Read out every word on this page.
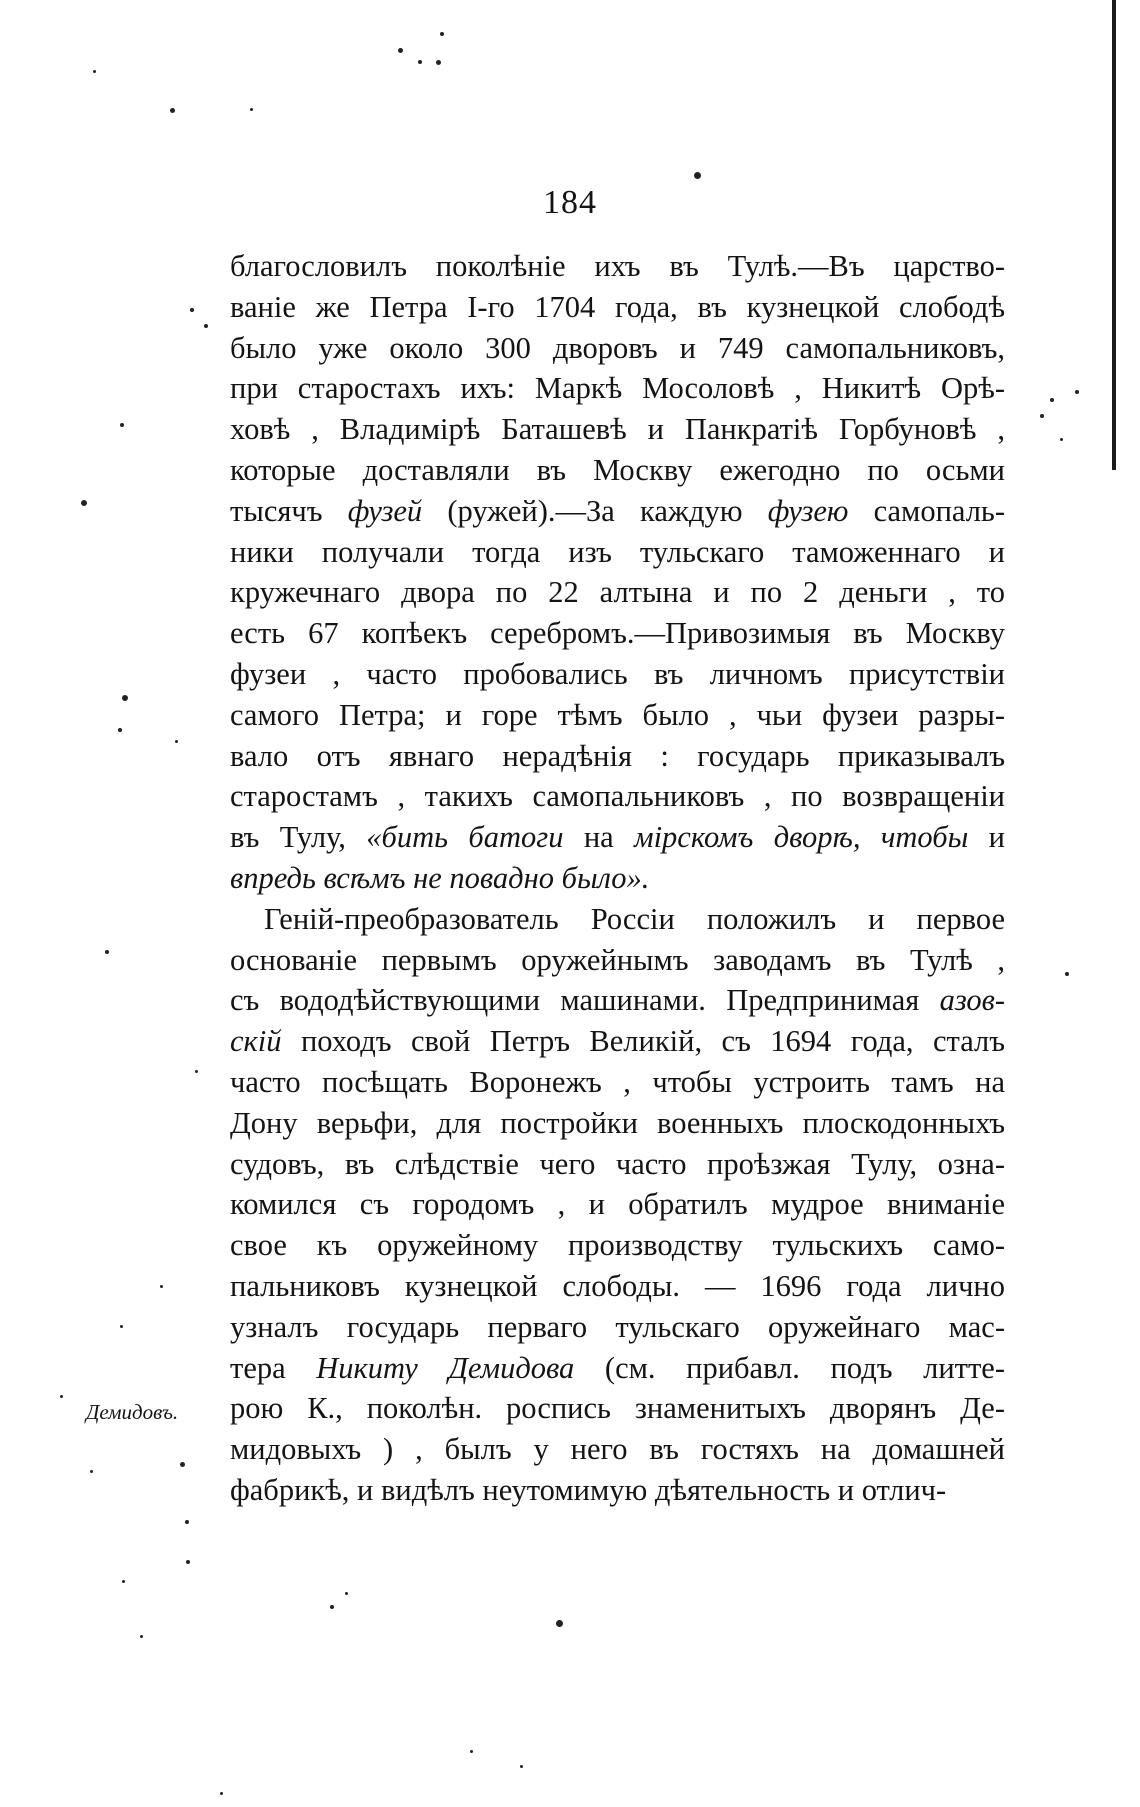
184
благословилъ поколѣніе ихъ въ Тулѣ.—Въ царство-
ваніе же Петра I-го 1704 года, въ кузнецкой слободѣ
было уже около 300 дворовъ и 749 самопальниковъ,
при старостахъ ихъ: Маркѣ Мосоловѣ , Никитѣ Орѣ-
ховѣ , Владимірѣ Баташевѣ и Панкратіѣ Горбуновѣ ,
которые доставляли въ Москву ежегодно по осьми
тысячъ фузей (ружей).—За каждую фузею самопаль-
ники получали тогда изъ тульскаго таможеннаго и
кружечнаго двора по 22 алтына и по 2 деньги , то
есть 67 копѣекъ серебромъ.—Привозимыя въ Москву
фузеи , часто пробовались въ личномъ присутствіи
самого Петра; и горе тѣмъ было , чьи фузеи разры-
вало отъ явнаго нерадѣнія : государь приказывалъ
старостамъ , такихъ самопальниковъ , по возвращеніи
въ Тулу, «бить батоги на мірскомъ дворѣ, чтобы и
впредь всѣмъ не повадно было».
Геній-преобразователь Россіи положилъ и первое
основаніе первымъ оружейнымъ заводамъ въ Тулѣ ,
съ вододѣйствующими машинами. Предпринимая азов-
скій походъ свой Петръ Великій, съ 1694 года, сталъ
часто посѣщать Воронежъ , чтобы устроить тамъ на
Дону верьфи, для постройки военныхъ плоскодонныхъ
судовъ, въ слѣдствіе чего часто проѣзжая Тулу, озна-
комился съ городомъ , и обратилъ мудрое вниманіе
свое къ оружейному производству тульскихъ само-
пальниковъ кузнецкой слободы. — 1696 года лично
узналъ государь перваго тульскаго оружейнаго мас-
тера Никиту Демидова (см. прибавл. подъ литте-
рою К., поколѣн. роспись знаменитыхъ дворянъ Де-
мидовыхъ ) , былъ у него въ гостяхъ на домашней
фабрикѣ, и видѣлъ неутомимую дѣятельность и отлич-
Демидовъ.
